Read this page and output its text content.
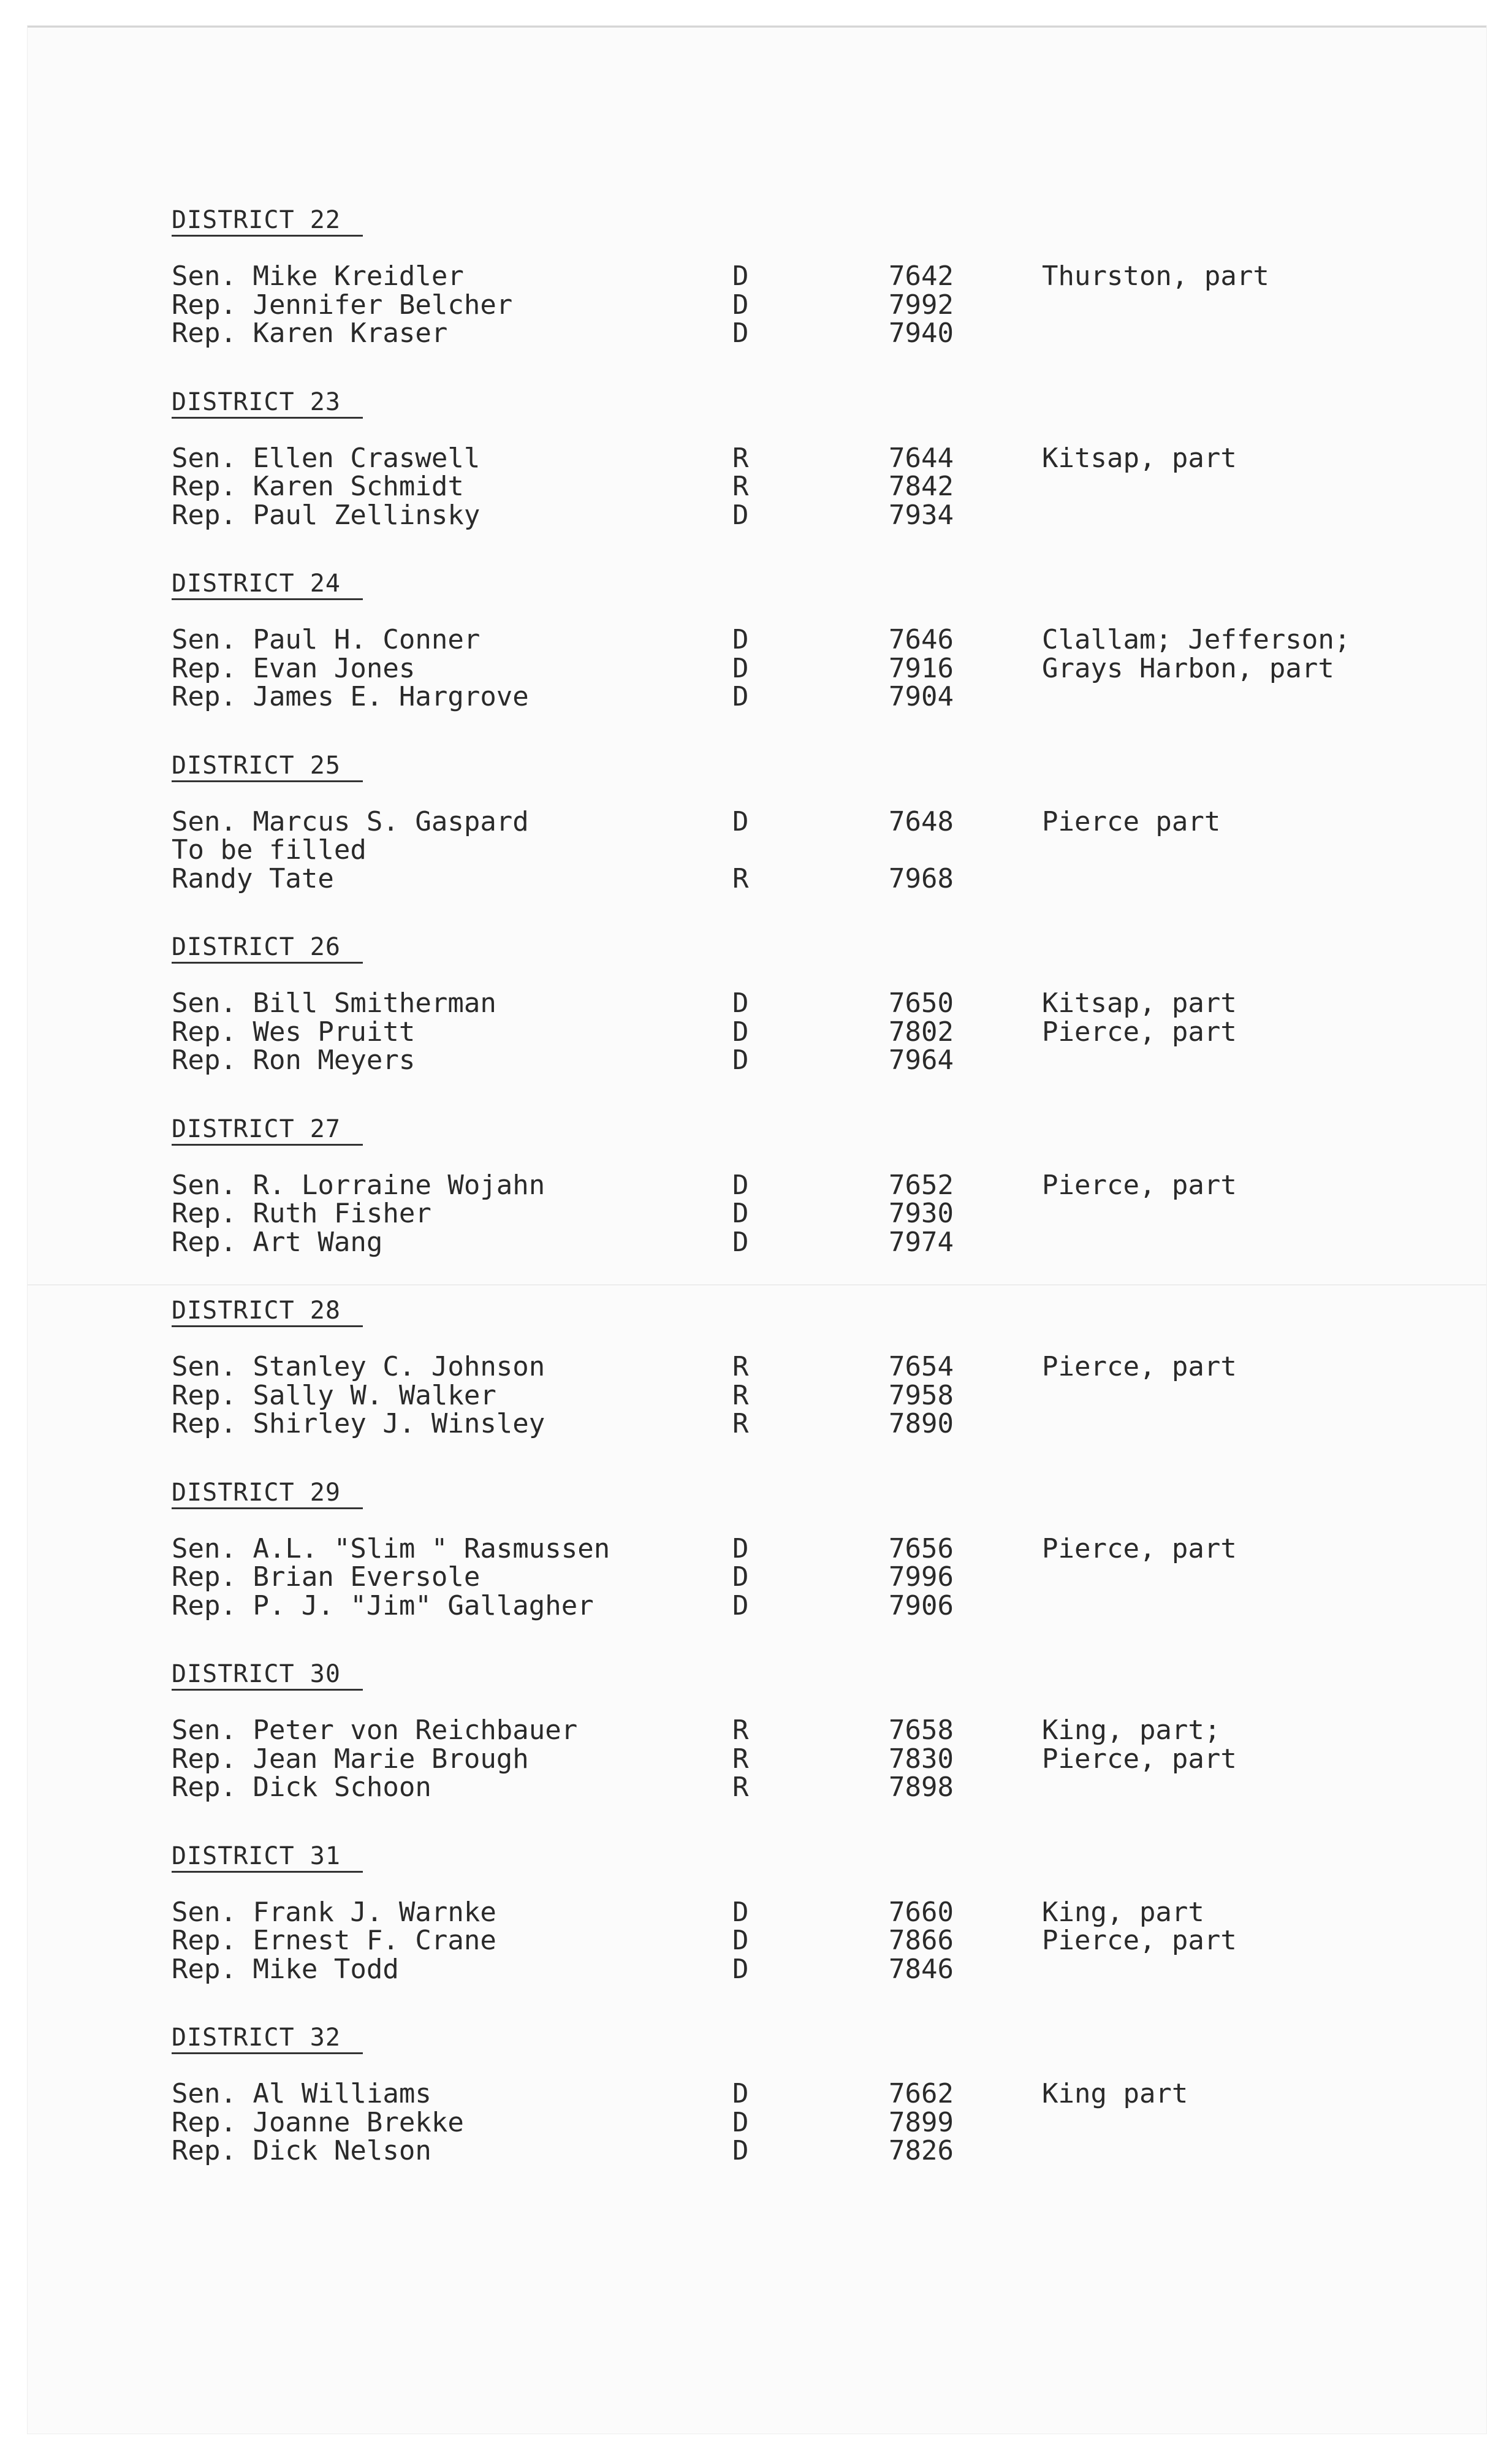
DISTRICT 22
Sen. Mike Kreidler	D	7642	Thurston, part
Rep. Jennifer Belcher	D	7992
Rep. Karen Kraser	D	7940
DISTRICT 23
Sen. Ellen Craswell	R	7644	Kitsap, part
Rep. Karen Schmidt	R	7842
Rep. Paul Zellinsky	D	7934
DISTRICT 24
Sen. Paul H. Conner	D	7646	Clallam; Jefferson;
Rep. Evan Jones	D	7916	Grays Harbon, part
Rep. James E. Hargrove	D	7904
DISTRICT 25
Sen. Marcus S. Gaspard	D	7648	Pierce part
To be filled
Randy Tate	R	7968
DISTRICT 26
Sen. Bill Smitherman	D	7650	Kitsap, part
Rep. Wes Pruitt	D	7802	Pierce, part
Rep. Ron Meyers	D	7964
DISTRICT 27
Sen. R. Lorraine Wojahn	D	7652	Pierce, part
Rep. Ruth Fisher	D	7930
Rep. Art Wang	D	7974
DISTRICT 28
Sen. Stanley C. Johnson	R	7654	Pierce, part
Rep. Sally W. Walker	R	7958
Rep. Shirley J. Winsley	R	7890
DISTRICT 29
Sen. A.L. "Slim " Rasmussen	D	7656	Pierce, part
Rep. Brian Eversole	D	7996
Rep. P. J. "Jim" Gallagher	D	7906
DISTRICT 30
Sen. Peter von Reichbauer	R	7658	King, part;
Rep. Jean Marie Brough	R	7830	Pierce, part
Rep. Dick Schoon	R	7898
DISTRICT 31
Sen. Frank J. Warnke	D	7660	King, part
Rep. Ernest F. Crane	D	7866	Pierce, part
Rep. Mike Todd	D	7846
DISTRICT 32
Sen. Al Williams	D	7662	King part
Rep. Joanne Brekke	D	7899
Rep. Dick Nelson	D	7826
